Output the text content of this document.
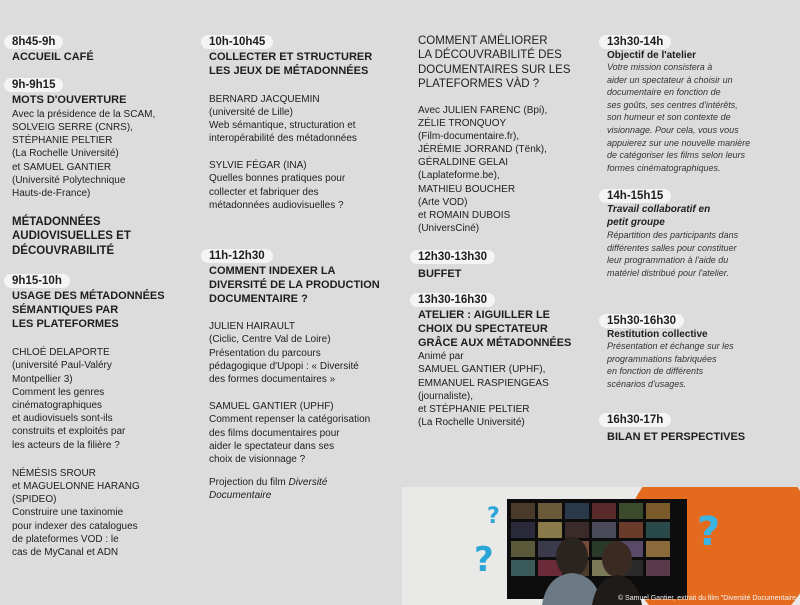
8h45-9h
ACCUEIL CAFÉ
9h-9h15
MOTS D'OUVERTURE

Avec la présidence de la SCAM,
SOLVEIG SERRE (CNRS),
STÉPHANIE PELTIER
(La Rochelle Université)
et SAMUEL GANTIER
(Université Polytechnique
Hauts-de-France)

MÉTADONNÉES
AUDIOVISUELLES ET
DÉCOUVRABILITÉ
9h15-10h
USAGE DES MÉTADONNÉES
SÉMANTIQUES PAR
LES PLATEFORMES

CHLOÉ DELAPORTE
(université Paul-Valéry
Montpellier 3)
Comment les genres
cinématographiques
et audiovisuels sont-ils
construits et exploités par
les acteurs de la filière ?

NÉMÉSIS SROUR
et MAGUELONNE HARANG
(SPIDEO)
Construire une taxinomie
pour indexer des catalogues
de plateformes VOD : le
cas de MyCanal et ADN

10h-10h45
COLLECTER ET STRUCTURER
LES JEUX DE MÉTADONNÉES

BERNARD JACQUEMIN
(université de Lille)
Web sémantique, structuration et
interopérabilité des métadonnées

SYLVIE FÉGAR (INA)
Quelles bonnes pratiques pour
collecter et fabriquer des
métadonnées audiovisuelles ?

11h-12h30
COMMENT INDEXER LA
DIVERSITÉ DE LA PRODUCTION
DOCUMENTAIRE ?

JULIEN HAIRAULT
(Ciclic, Centre Val de Loire)
Présentation du parcours
pédagogique d'Upopi : « Diversité
des formes documentaires »

SAMUEL GANTIER (UPHF)
Comment repenser la catégorisation
des films documentaires pour
aider le spectateur dans ses
choix de visionnage ?

Projection du film Diversité
Documentaire

COMMENT AMÉLIORER
LA DÉCOUVRABILITÉ DES
DOCUMENTAIRES SUR LES
PLATEFORMES VÀD ?

Avec JULIEN FARENC (Bpi),
ZÉLIE TRONQUOY
(Film-documentaire.fr),
JÉRÉMIE JORRAND (Tënk),
GÉRALDINE GELAI
(Laplateforme.be),
MATHIEU BOUCHER
(Arte VOD)
et ROMAIN DUBOIS
(UniversCiné)

12h30-13h30
BUFFET
13h30-16h30
ATELIER : AIGUILLER LE
CHOIX DU SPECTATEUR
GRÂCE AUX MÉTADONNÉES

Animé par
SAMUEL GANTIER (UPHF),
EMMANUEL RASPIENGEAS
(journaliste),
et STÉPHANIE PELTIER
(La Rochelle Université)

13h30-14h
Objectif de l'atelier
Votre mission consistera à
aider un spectateur à choisir un
documentaire en fonction de
ses goûts, ses centres d'intérêts,
son humeur et son contexte de
visionnage. Pour cela, vous vous
appuierez sur une nouvelle manière
de catégoriser les films selon leurs
formes cinématographiques.
14h-15h15
Travail collaboratif en
petit groupe
Répartition des participants dans
différentes salles pour constituer
leur programmation à l'aide du
matériel distribué pour l'atelier.
15h30-16h30
Restitution collective
Présentation et échange sur les
programmations fabriquées
en fonction de différents
scénarios d'usages.
16h30-17h
BILAN ET PERSPECTIVES
?
?
?
© Samuel Gantier, extrait du film "Diversité Documentaire
